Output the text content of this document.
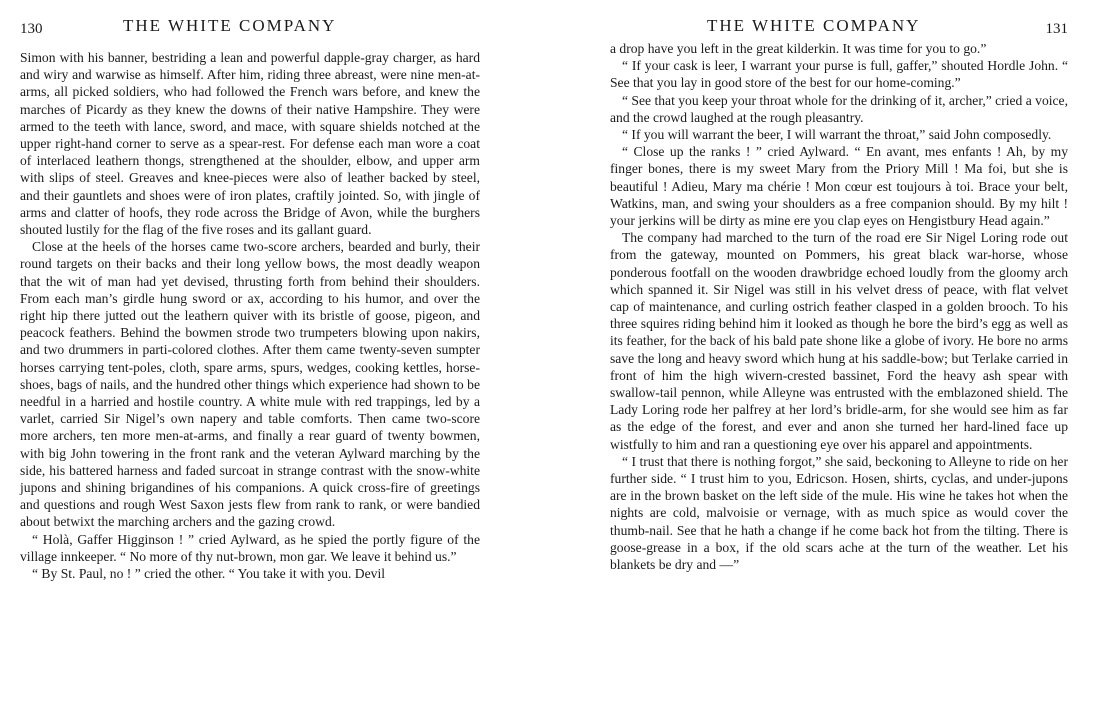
130	THE WHITE COMPANY

Simon with his banner, bestriding a lean and powerful dapple-gray charger, as hard and wiry and warwise as himself. After him, riding three abreast, were nine men-at-arms, all picked soldiers, who had followed the French wars before, and knew the marches of Picardy as they knew the downs of their native Hampshire. They were armed to the teeth with lance, sword, and mace, with square shields notched at the upper right-hand corner to serve as a spear-rest. For defense each man wore a coat of interlaced leathern thongs, strengthened at the shoulder, elbow, and upper arm with slips of steel. Greaves and knee-pieces were also of leather backed by steel, and their gauntlets and shoes were of iron plates, craftily jointed. So, with jingle of arms and clatter of hoofs, they rode across the Bridge of Avon, while the burghers shouted lustily for the flag of the five roses and its gallant guard.

Close at the heels of the horses came two-score archers, bearded and burly, their round targets on their backs and their long yellow bows, the most deadly weapon that the wit of man had yet devised, thrusting forth from behind their shoulders. From each man’s girdle hung sword or ax, according to his humor, and over the right hip there jutted out the leathern quiver with its bristle of goose, pigeon, and peacock feathers. Behind the bowmen strode two trumpeters blowing upon nakirs, and two drummers in parti-colored clothes. After them came twenty-seven sumpter horses carrying tent-poles, cloth, spare arms, spurs, wedges, cooking kettles, horse-shoes, bags of nails, and the hundred other things which experience had shown to be needful in a harried and hostile country. A white mule with red trappings, led by a varlet, carried Sir Nigel’s own napery and table comforts. Then came two-score more archers, ten more men-at-arms, and finally a rear guard of twenty bowmen, with big John towering in the front rank and the veteran Aylward marching by the side, his battered harness and faded surcoat in strange contrast with the snow-white jupons and shining brigandines of his companions. A quick cross-fire of greetings and questions and rough West Saxon jests flew from rank to rank, or were bandied about betwixt the marching archers and the gazing crowd.

“ Holà, Gaffer Higginson ! ” cried Aylward, as he spied the portly figure of the village innkeeper. “ No more of thy nut-brown, mon gar. We leave it behind us.”

“ By St. Paul, no ! ” cried the other. “ You take it with you. Devil

THE WHITE COMPANY	131

a drop have you left in the great kilderkin. It was time for you to go.”

“ If your cask is leer, I warrant your purse is full, gaffer,” shouted Hordle John. “ See that you lay in good store of the best for our home-coming.”

“ See that you keep your throat whole for the drinking of it, archer,” cried a voice, and the crowd laughed at the rough pleasantry.

“ If you will warrant the beer, I will warrant the throat,” said John composedly.

“ Close up the ranks ! ” cried Aylward. “ En avant, mes enfants ! Ah, by my finger bones, there is my sweet Mary from the Priory Mill ! Ma foi, but she is beautiful ! Adieu, Mary ma chérie ! Mon cœur est toujours à toi. Brace your belt, Watkins, man, and swing your shoulders as a free companion should. By my hilt ! your jerkins will be dirty as mine ere you clap eyes on Hengistbury Head again.”

The company had marched to the turn of the road ere Sir Nigel Loring rode out from the gateway, mounted on Pommers, his great black war-horse, whose ponderous footfall on the wooden drawbridge echoed loudly from the gloomy arch which spanned it. Sir Nigel was still in his velvet dress of peace, with flat velvet cap of maintenance, and curling ostrich feather clasped in a golden brooch. To his three squires riding behind him it looked as though he bore the bird’s egg as well as its feather, for the back of his bald pate shone like a globe of ivory. He bore no arms save the long and heavy sword which hung at his saddle-bow; but Terlake carried in front of him the high wivern-crested bassinet, Ford the heavy ash spear with swallow-tail pennon, while Alleyne was entrusted with the emblazoned shield. The Lady Loring rode her palfrey at her lord’s bridle-arm, for she would see him as far as the edge of the forest, and ever and anon she turned her hard-lined face up wistfully to him and ran a questioning eye over his apparel and appointments.

“ I trust that there is nothing forgot,” she said, beckoning to Alleyne to ride on her further side. “ I trust him to you, Edricson. Hosen, shirts, cyclas, and under-jupons are in the brown basket on the left side of the mule. His wine he takes hot when the nights are cold, malvoisie or vernage, with as much spice as would cover the thumb-nail. See that he hath a change if he come back hot from the tilting. There is goose-grease in a box, if the old scars ache at the turn of the weather. Let his blankets be dry and —”
